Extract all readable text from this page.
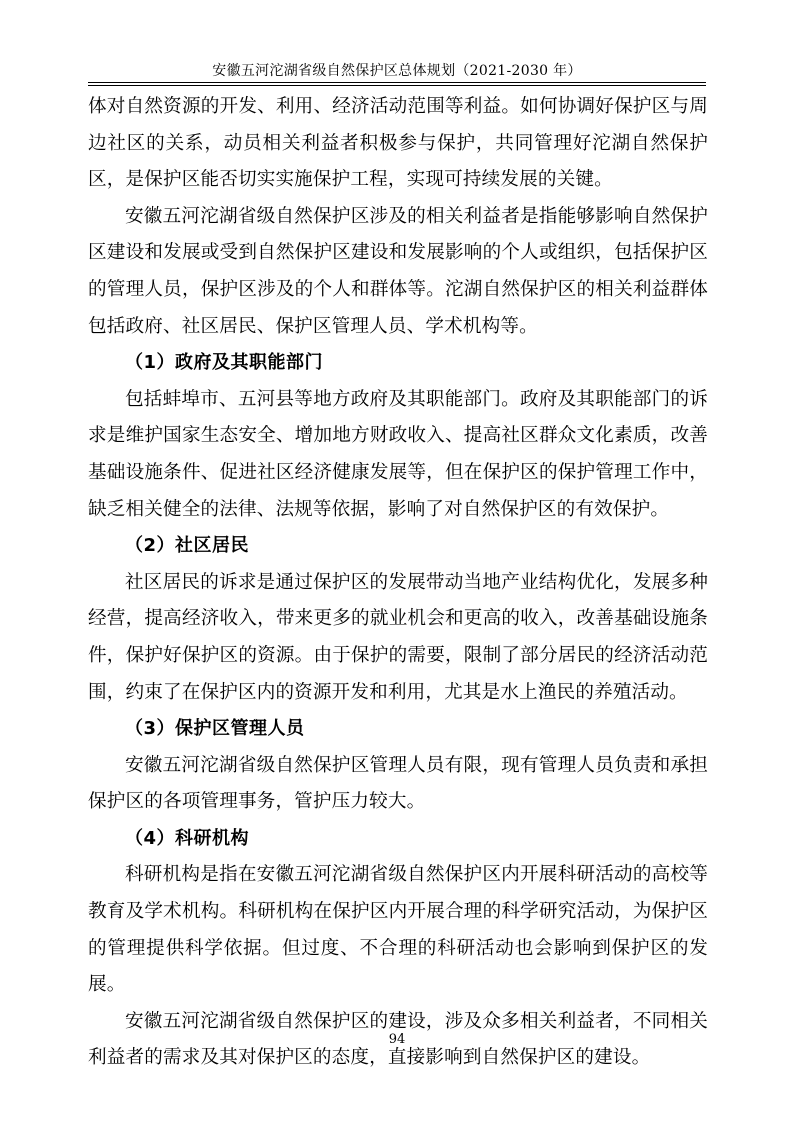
安徽五河沱湖省级自然保护区总体规划（2021-2030 年）

体对自然资源的开发、利用、经济活动范围等利益。如何协调好保护区与周边社区的关系，动员相关利益者积极参与保护，共同管理好沱湖自然保护区，是保护区能否切实实施保护工程，实现可持续发展的关键。

安徽五河沱湖省级自然保护区涉及的相关利益者是指能够影响自然保护区建设和发展或受到自然保护区建设和发展影响的个人或组织，包括保护区的管理人员，保护区涉及的个人和群体等。沱湖自然保护区的相关利益群体包括政府、社区居民、保护区管理人员、学术机构等。

（1）政府及其职能部门

包括蚌埠市、五河县等地方政府及其职能部门。政府及其职能部门的诉求是维护国家生态安全、增加地方财政收入、提高社区群众文化素质，改善基础设施条件、促进社区经济健康发展等，但在保护区的保护管理工作中，缺乏相关健全的法律、法规等依据，影响了对自然保护区的有效保护。

（2）社区居民

社区居民的诉求是通过保护区的发展带动当地产业结构优化，发展多种经营，提高经济收入，带来更多的就业机会和更高的收入，改善基础设施条件，保护好保护区的资源。由于保护的需要，限制了部分居民的经济活动范围，约束了在保护区内的资源开发和利用，尤其是水上渔民的养殖活动。

（3）保护区管理人员

安徽五河沱湖省级自然保护区管理人员有限，现有管理人员负责和承担保护区的各项管理事务，管护压力较大。

（4）科研机构

科研机构是指在安徽五河沱湖省级自然保护区内开展科研活动的高校等教育及学术机构。科研机构在保护区内开展合理的科学研究活动，为保护区的管理提供科学依据。但过度、不合理的科研活动也会影响到保护区的发展。

安徽五河沱湖省级自然保护区的建设，涉及众多相关利益者，不同相关利益者的需求及其对保护区的态度，直接影响到自然保护区的建设。

94
